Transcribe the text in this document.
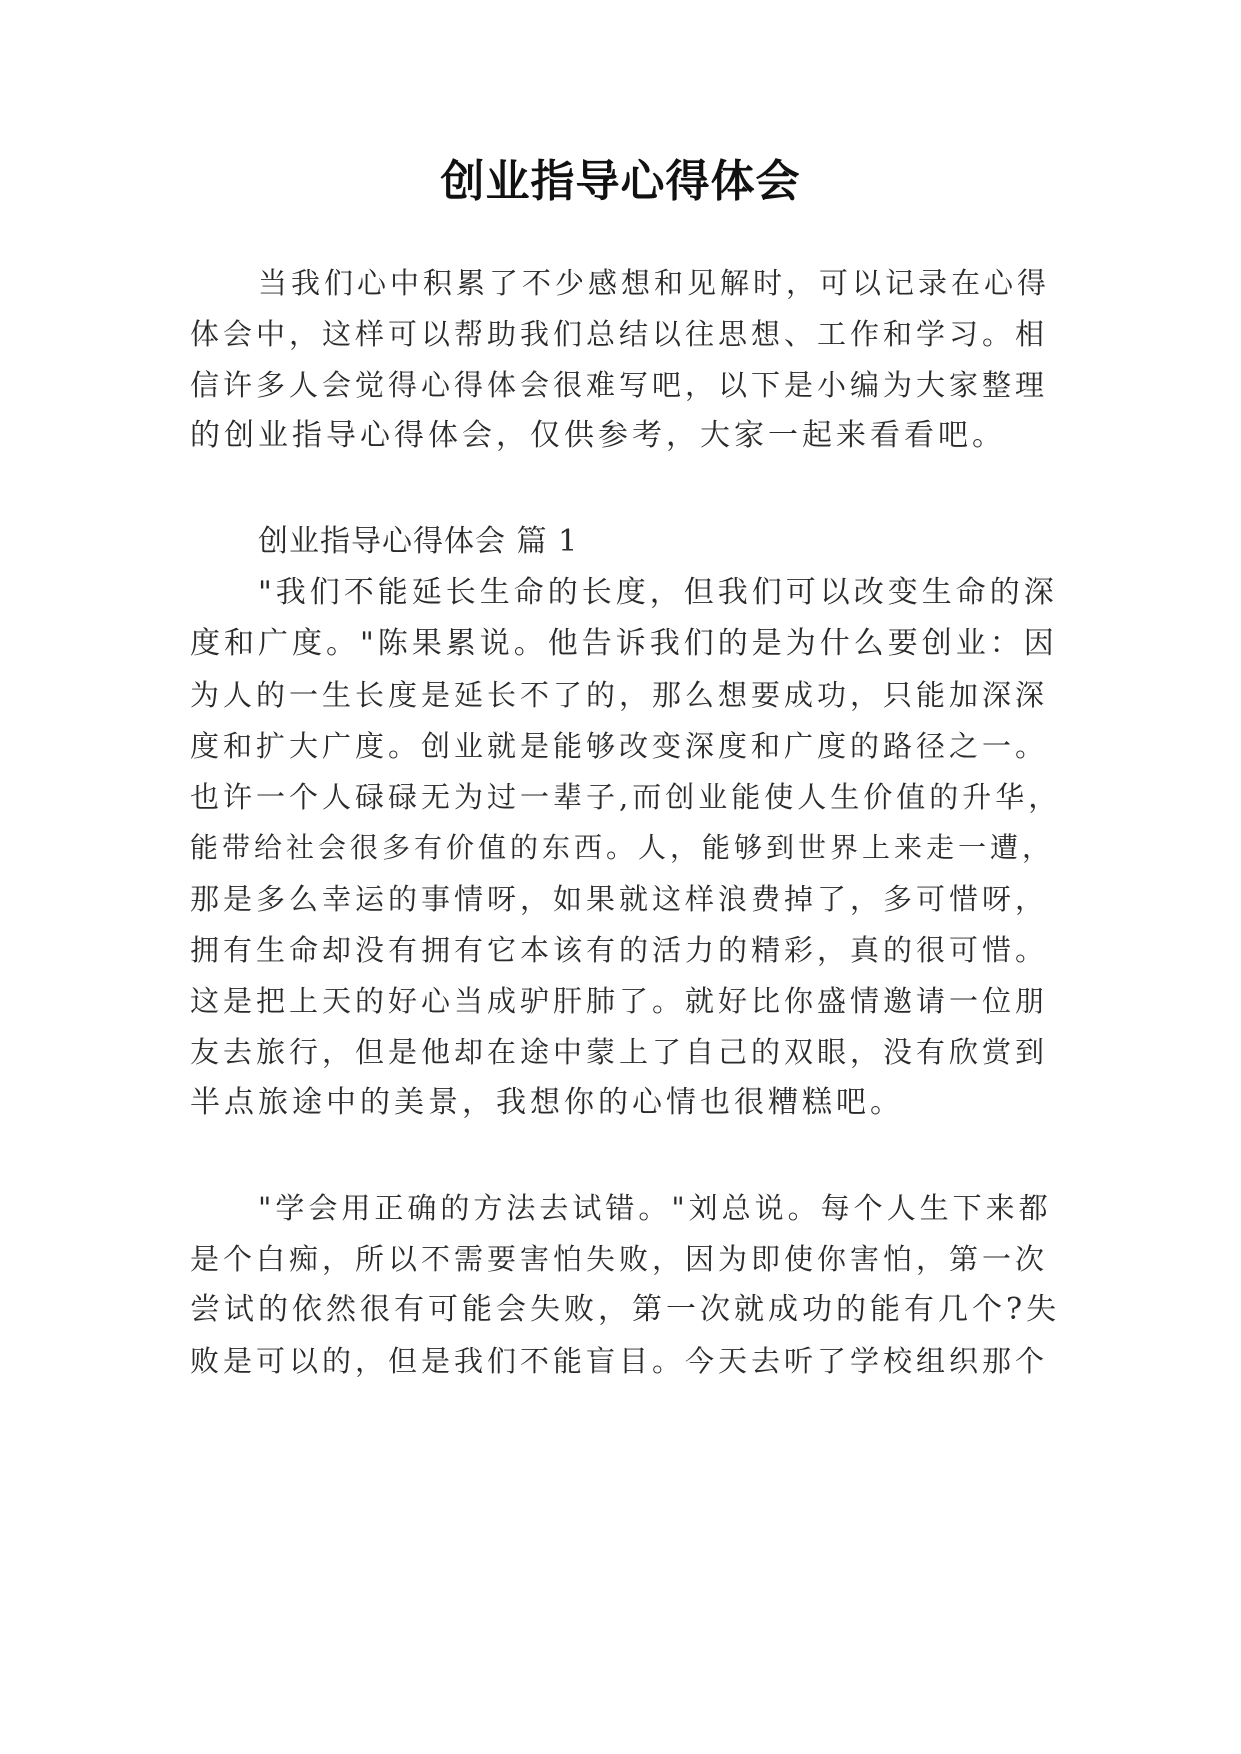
创业指导心得体会
当我们心中积累了不少感想和见解时，可以记录在心得
体会中，这样可以帮助我们总结以往思想、工作和学习。相
信许多人会觉得心得体会很难写吧，以下是小编为大家整理
的创业指导心得体会，仅供参考，大家一起来看看吧。
创业指导心得体会 篇 1
"我们不能延长生命的长度，但我们可以改变生命的深
度和广度。"陈果累说。他告诉我们的是为什么要创业：因
为人的一生长度是延长不了的，那么想要成功，只能加深深
度和扩大广度。创业就是能够改变深度和广度的路径之一。
也许一个人碌碌无为过一辈子,而创业能使人生价值的升华，
能带给社会很多有价值的东西。人，能够到世界上来走一遭，
那是多么幸运的事情呀，如果就这样浪费掉了，多可惜呀，
拥有生命却没有拥有它本该有的活力的精彩，真的很可惜。
这是把上天的好心当成驴肝肺了。就好比你盛情邀请一位朋
友去旅行，但是他却在途中蒙上了自己的双眼，没有欣赏到
半点旅途中的美景，我想你的心情也很糟糕吧。
"学会用正确的方法去试错。"刘总说。每个人生下来都
是个白痴，所以不需要害怕失败，因为即使你害怕，第一次
尝试的依然很有可能会失败，第一次就成功的能有几个?失
败是可以的，但是我们不能盲目。今天去听了学校组织那个
